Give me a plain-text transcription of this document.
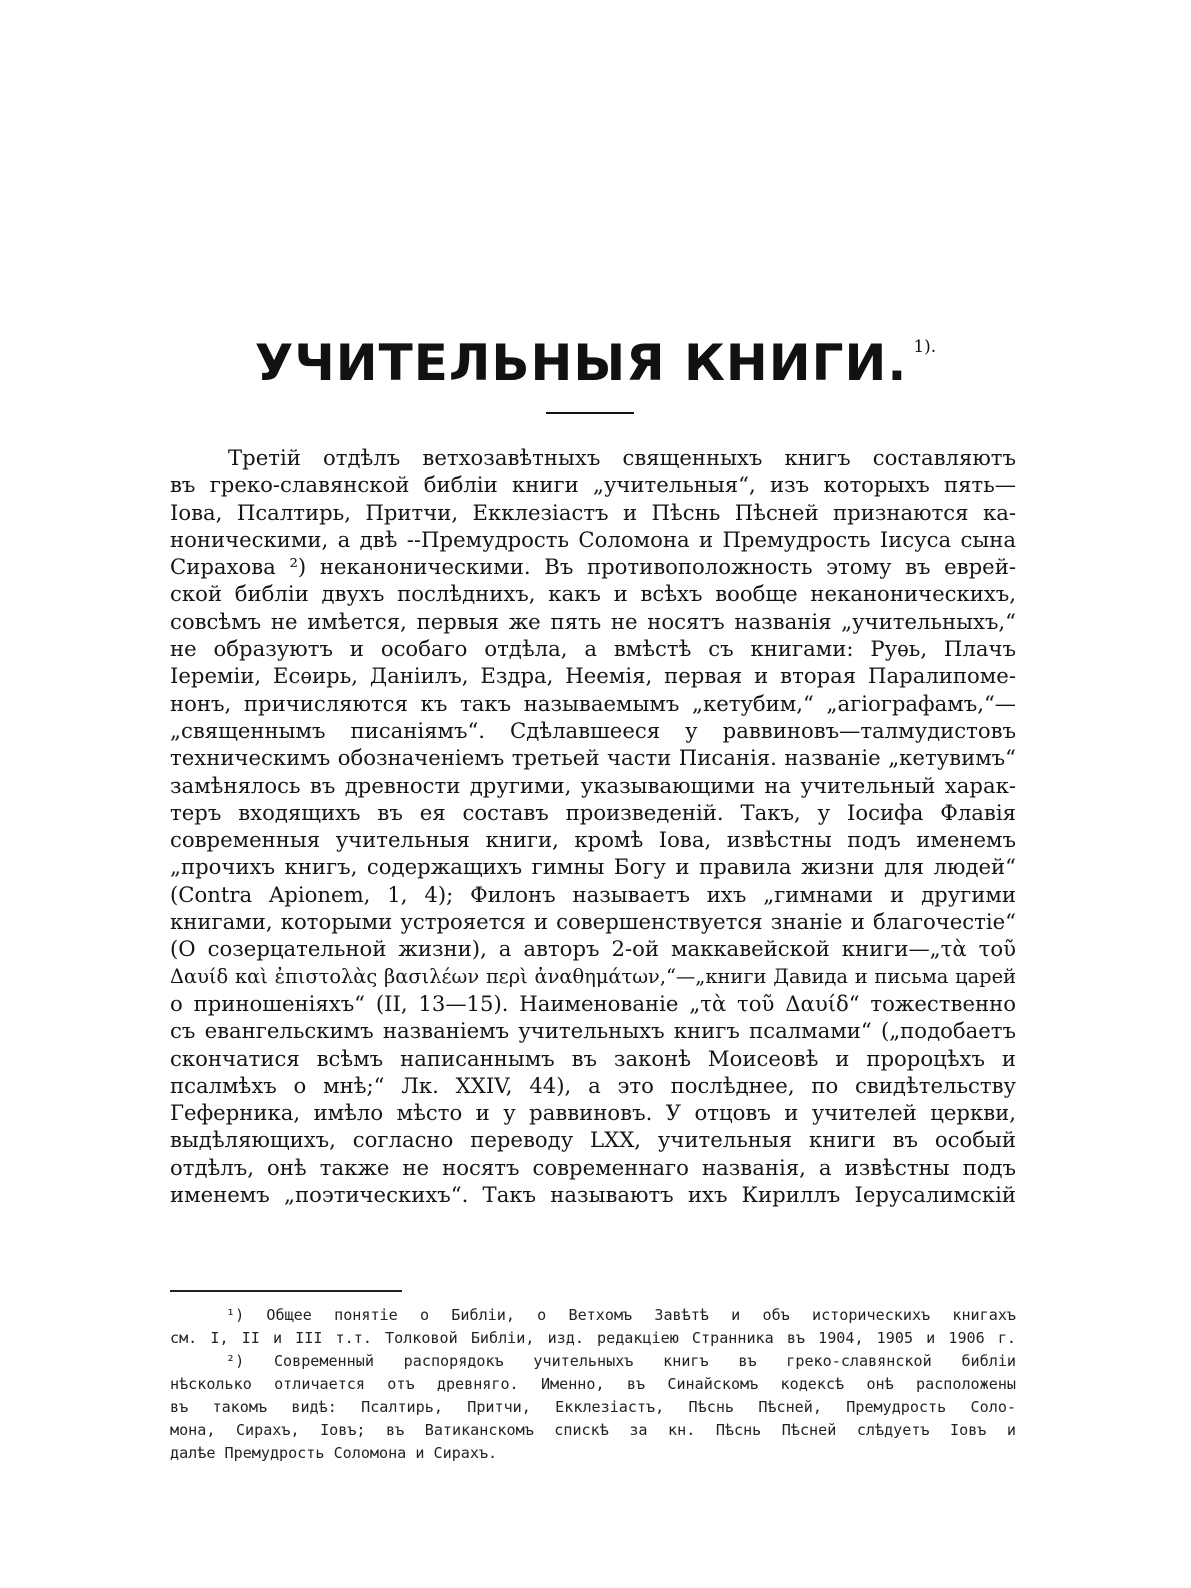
УЧИТЕЛЬНЫЯ КНИГИ. $^{1).}$
Третій отдѣлъ ветхозавѣтныхъ священныхъ книгъ составляютъ
въ греко-славянской библіи книги „учительныя“, изъ которыхъ пять—
Іова, Псалтирь, Притчи, Екклезіастъ и Пѣснь Пѣсней признаются ка-
ноническими, а двѣ --Премудрость Соломона и Премудрость Іисуса сына
Сирахова ²) неканоническими. Въ противоположность этому въ еврей-
ской библіи двухъ послѣднихъ, какъ и всѣхъ вообще неканоническихъ,
совсѣмъ не имѣется, первыя же пять не носятъ названія „учительныхъ,“
не образуютъ и особаго отдѣла, а вмѣстѣ съ книгами: Руѳь, Плачъ
Іереміи, Есѳирь, Даніилъ, Ездра, Неемія, первая и вторая Паралипоме-
нонъ, причисляются къ такъ называемымъ „кетубим,“ „агіографамъ,“—
„священнымъ писаніямъ“. Сдѣлавшееся у раввиновъ—талмудистовъ
техническимъ обозначеніемъ третьей части Писанія. названіе „кетувимъ“
замѣнялось въ древности другими, указывающими на учительный харак-
теръ входящихъ въ ея составъ произведеній. Такъ, у Іосифа Флавія
современныя учительныя книги, кромѣ Іова, извѣстны подъ именемъ
„прочихъ книгъ, содержащихъ гимны Богу и правила жизни для людей“
(Contra Apionem, 1, 4); Филонъ называетъ ихъ „гимнами и другими
книгами, которыми устрояется и совершенствуется знаніе и благочестіе“
(О созерцательной жизни), а авторъ 2-ой маккавейской книги—„τὰ τοῦ
Δαυίδ καὶ ἐπιστολὰς βασιλέων περὶ ἀναθημάτων,“—„книги Давида и письма царей
о приношеніяхъ“ (II, 13—15). Наименованіе „τὰ τοῦ Δαυίδ“ тожественно
съ евангельскимъ названіемъ учительныхъ книгъ псалмами“ („подобаетъ
скончатися всѣмъ написаннымъ въ законѣ Моисеовѣ и пророцѣхъ и
псалмѣхъ о мнѣ;“ Лк. XXIV, 44), а это послѣднее, по свидѣтельству
Геферника, имѣло мѣсто и у раввиновъ. У отцовъ и учителей церкви,
выдѣляющихъ, согласно переводу LXX, учительныя книги въ особый
отдѣлъ, онѣ также не носятъ современнаго названія, а извѣстны подъ
именемъ „поэтическихъ“. Такъ называютъ ихъ Кириллъ Іерусалимскій
¹) Общее понятіе о Библіи, о Ветхомъ Завѣтѣ и объ историческихъ книгахъ
см. I, II и III т.т. Толковой Библіи, изд. редакціею Странника въ 1904, 1905 и 1906 г.
²) Современный распорядокъ учительныхъ книгъ въ греко-славянской библіи
нѣсколько отличается отъ древняго. Именно, въ Синайскомъ кодексѣ онѣ расположены
въ такомъ видѣ: Псалтирь, Притчи, Екклезіастъ, Пѣснь Пѣсней, Премудрость Соло-
мона, Сирахъ, Іовъ; въ Ватиканскомъ спискѣ за кн. Пѣснь Пѣсней слѣдуетъ Іовъ и
далѣе Премудрость Соломона и Сирахъ.
